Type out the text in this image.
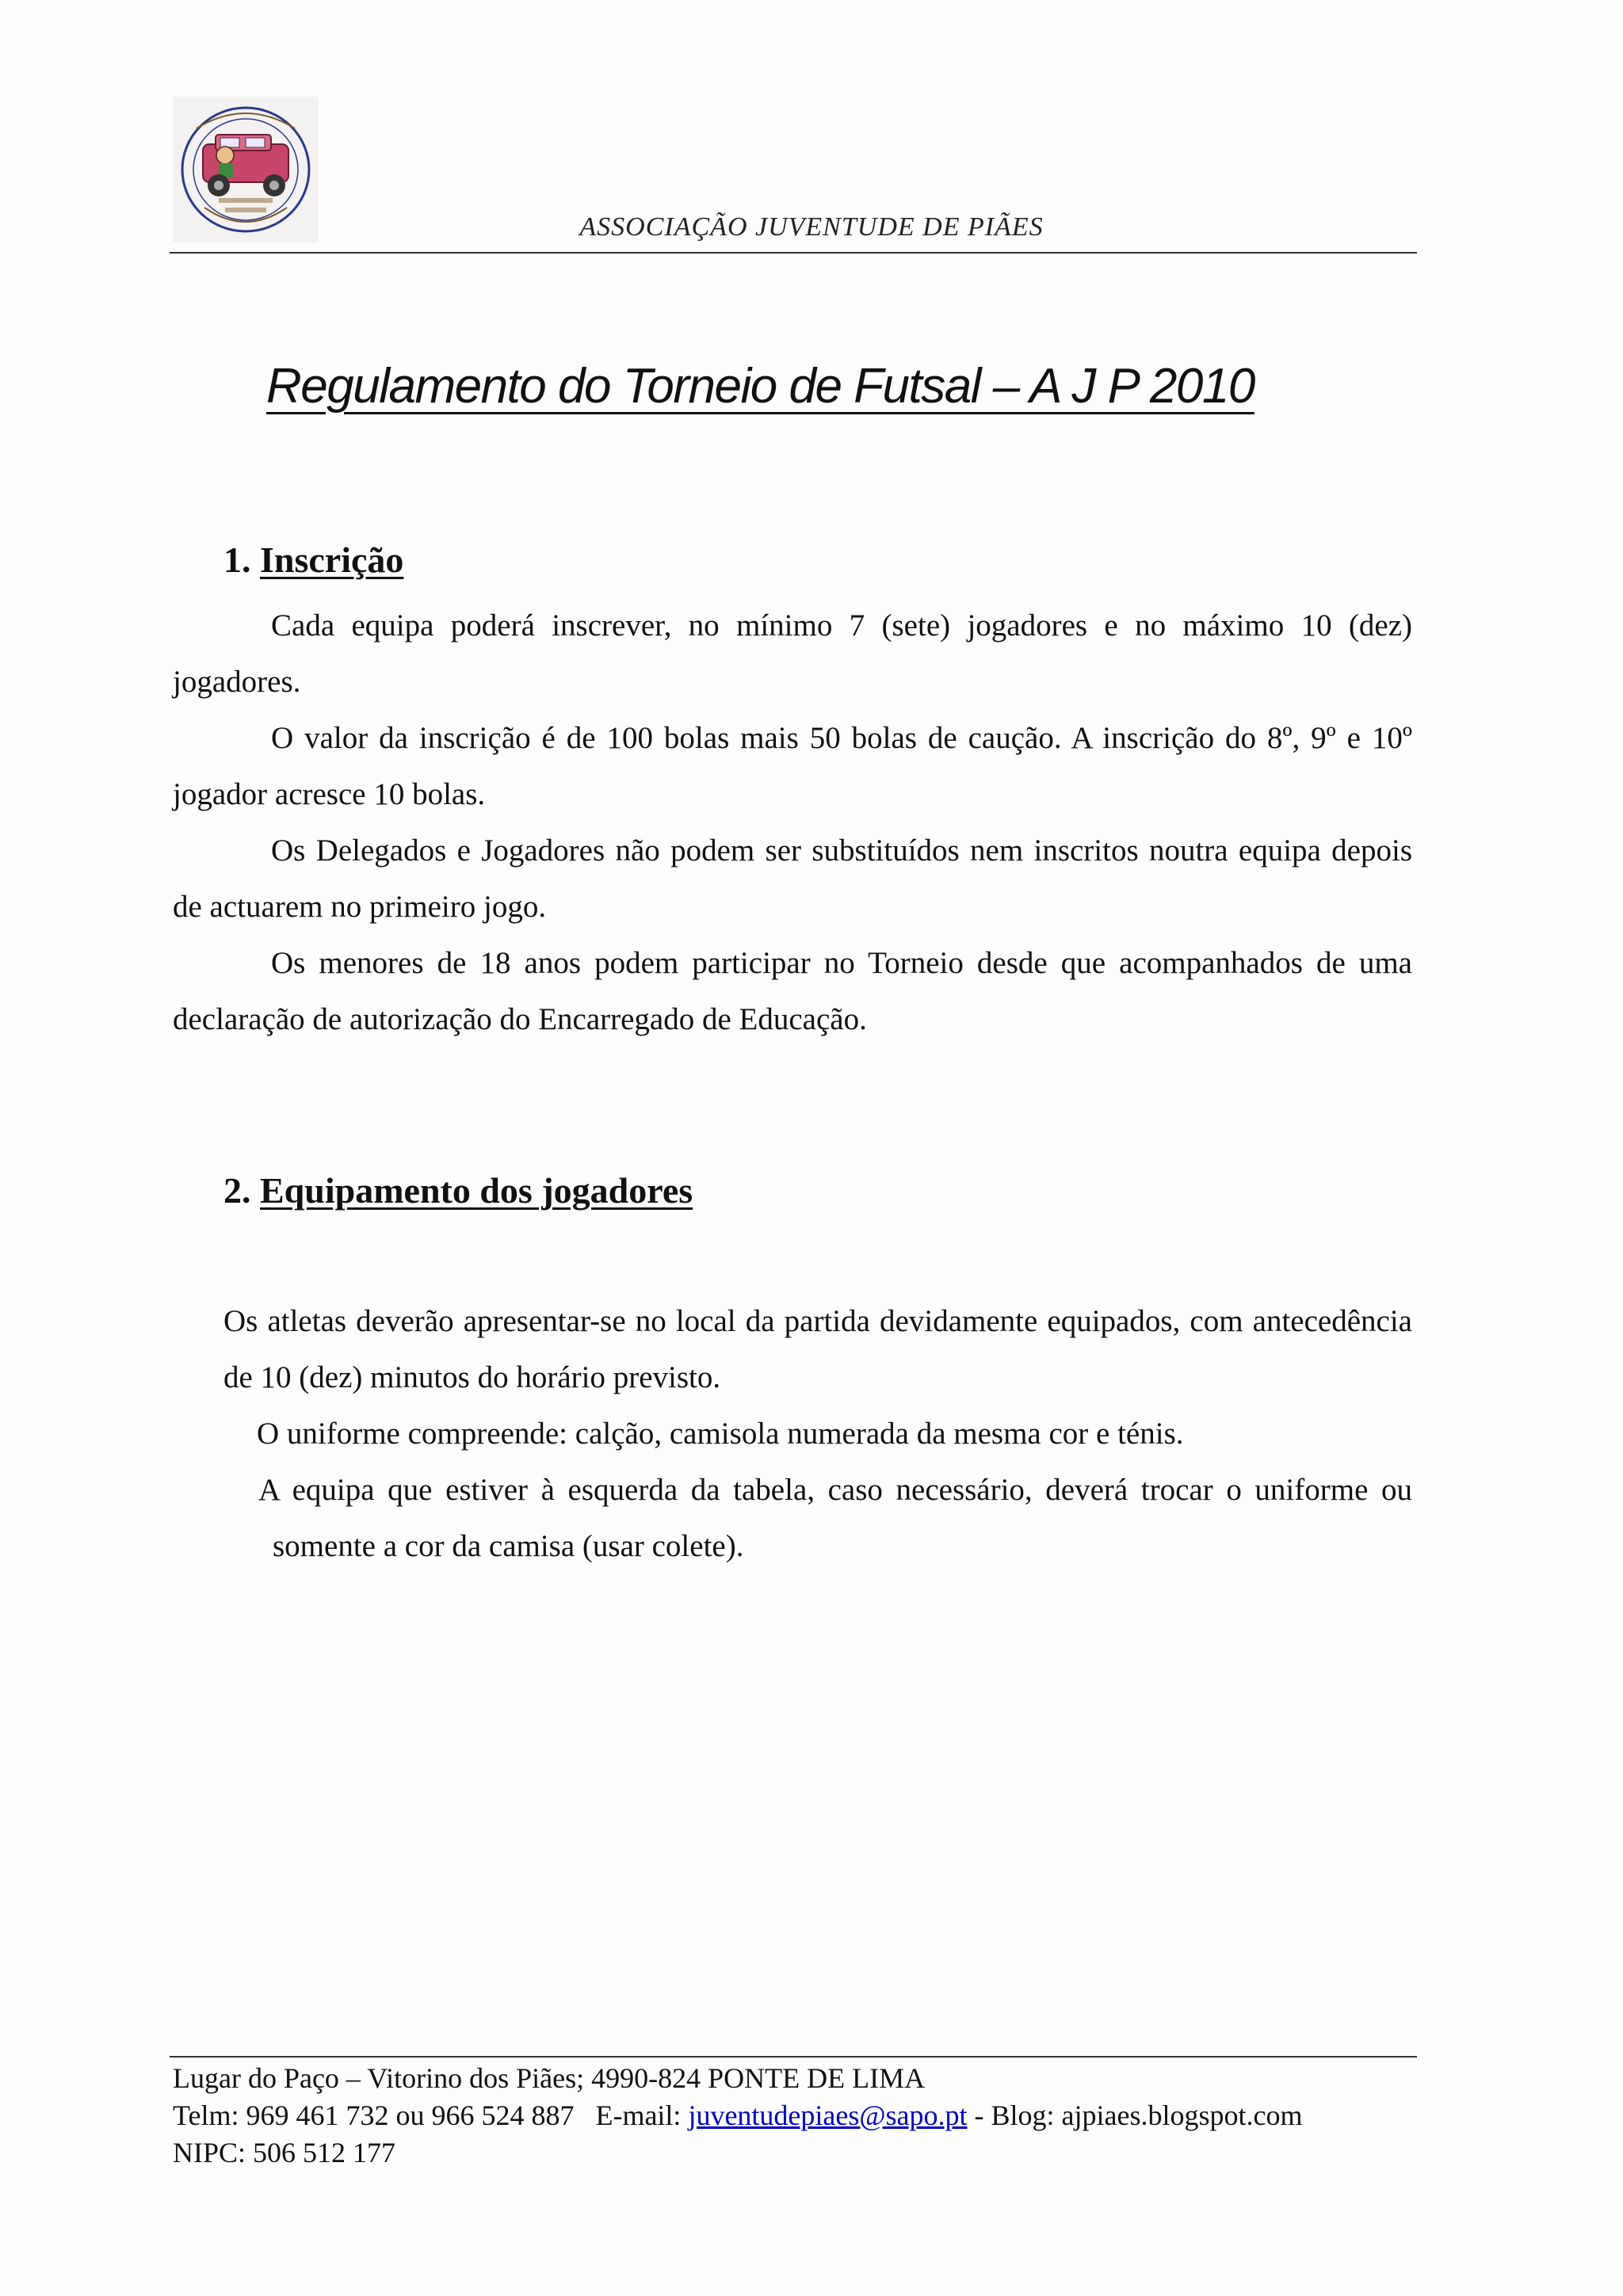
ASSOCIAÇÃO JUVENTUDE DE PIÃES
Regulamento do Torneio de Futsal – A J P 2010
1. Inscrição
Cada equipa poderá inscrever, no mínimo 7 (sete) jogadores e no máximo 10 (dez) jogadores.
O valor da inscrição é de 100 bolas mais 50 bolas de caução. A inscrição do 8º, 9º e 10º jogador acresce 10 bolas.
Os Delegados e Jogadores não podem ser substituídos nem inscritos noutra equipa depois de actuarem no primeiro jogo.
Os menores de 18 anos podem participar no Torneio desde que acompanhados de uma declaração de autorização do Encarregado de Educação.
2. Equipamento dos jogadores
Os atletas deverão apresentar-se no local da partida devidamente equipados, com antecedência de 10 (dez) minutos do horário previsto.
O uniforme compreende: calção, camisola numerada da mesma cor e ténis.
A equipa que estiver à esquerda da tabela, caso necessário, deverá trocar o uniforme ou
somente a cor da camisa (usar colete).
Lugar do Paço – Vitorino dos Piães; 4990-824 PONTE DE LIMA
Telm: 969 461 732 ou 966 524 887   E-mail: juventudepiaes@sapo.pt - Blog: ajpiaes.blogspot.com
NIPC: 506 512 177
